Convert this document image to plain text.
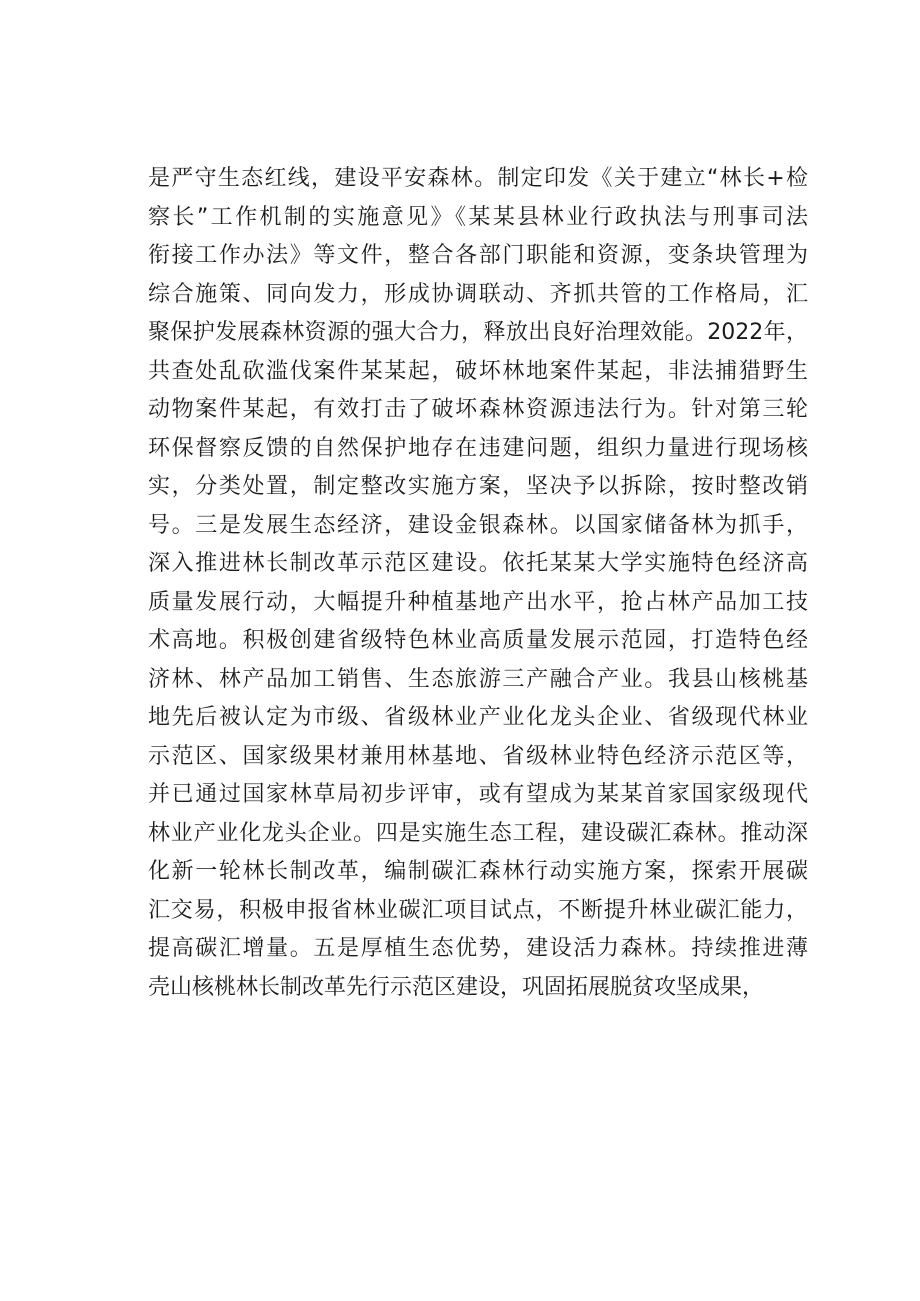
是严守生态红线，建设平安森林。制定印发《关于建立“林长+检
察长”工作机制的实施意见》《某某县林业行政执法与刑事司法
衔接工作办法》等文件，整合各部门职能和资源，变条块管理为
综合施策、同向发力，形成协调联动、齐抓共管的工作格局，汇
聚保护发展森林资源的强大合力，释放出良好治理效能。2022年，
共查处乱砍滥伐案件某某起，破坏林地案件某起，非法捕猎野生
动物案件某起，有效打击了破坏森林资源违法行为。针对第三轮
环保督察反馈的自然保护地存在违建问题，组织力量进行现场核
实，分类处置，制定整改实施方案，坚决予以拆除，按时整改销
号。三是发展生态经济，建设金银森林。以国家储备林为抓手，
深入推进林长制改革示范区建设。依托某某大学实施特色经济高
质量发展行动，大幅提升种植基地产出水平，抢占林产品加工技
术高地。积极创建省级特色林业高质量发展示范园，打造特色经
济林、林产品加工销售、生态旅游三产融合产业。我县山核桃基
地先后被认定为市级、省级林业产业化龙头企业、省级现代林业
示范区、国家级果材兼用林基地、省级林业特色经济示范区等，
并已通过国家林草局初步评审，或有望成为某某首家国家级现代
林业产业化龙头企业。四是实施生态工程，建设碳汇森林。推动深
化新一轮林长制改革，编制碳汇森林行动实施方案，探索开展碳
汇交易，积极申报省林业碳汇项目试点，不断提升林业碳汇能力，
提高碳汇增量。五是厚植生态优势，建设活力森林。持续推进薄
壳山核桃林长制改革先行示范区建设，巩固拓展脱贫攻坚成果，
